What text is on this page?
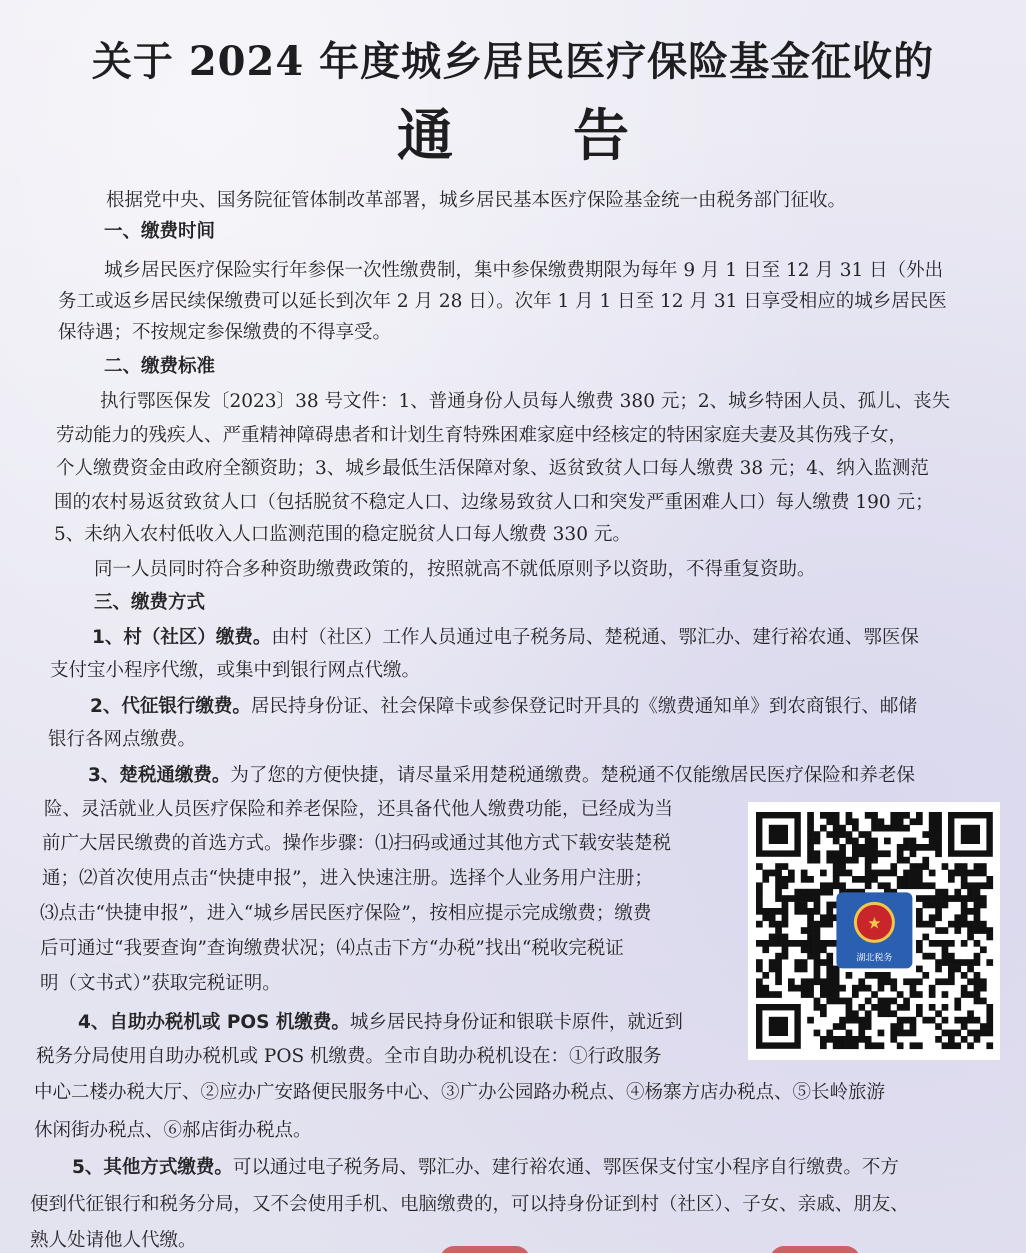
关于 2024 年度城乡居民医疗保险基金征收的
通告
根据党中央、国务院征管体制改革部署，城乡居民基本医疗保险基金统一由税务部门征收。
一、缴费时间
城乡居民医疗保险实行年参保一次性缴费制，集中参保缴费期限为每年 9 月 1 日至 12 月 31 日（外出
务工或返乡居民续保缴费可以延长到次年 2 月 28 日）。次年 1 月 1 日至 12 月 31 日享受相应的城乡居民医
保待遇；不按规定参保缴费的不得享受。
二、缴费标准
执行鄂医保发〔2023〕38 号文件：1、普通身份人员每人缴费 380 元；2、城乡特困人员、孤儿、丧失
劳动能力的残疾人、严重精神障碍患者和计划生育特殊困难家庭中经核定的特困家庭夫妻及其伤残子女，
个人缴费资金由政府全额资助；3、城乡最低生活保障对象、返贫致贫人口每人缴费 38 元；4、纳入监测范
围的农村易返贫致贫人口（包括脱贫不稳定人口、边缘易致贫人口和突发严重困难人口）每人缴费 190 元；
5、未纳入农村低收入人口监测范围的稳定脱贫人口每人缴费 330 元。
同一人员同时符合多种资助缴费政策的，按照就高不就低原则予以资助，不得重复资助。
三、缴费方式
1、村（社区）缴费。由村（社区）工作人员通过电子税务局、楚税通、鄂汇办、建行裕农通、鄂医保
支付宝小程序代缴，或集中到银行网点代缴。
2、代征银行缴费。居民持身份证、社会保障卡或参保登记时开具的《缴费通知单》到农商银行、邮储
银行各网点缴费。
3、楚税通缴费。为了您的方便快捷，请尽量采用楚税通缴费。楚税通不仅能缴居民医疗保险和养老保
险、灵活就业人员医疗保险和养老保险，还具备代他人缴费功能，已经成为当
前广大居民缴费的首选方式。操作步骤：⑴扫码或通过其他方式下载安装楚税
通；⑵首次使用点击“快捷申报”，进入快速注册。选择个人业务用户注册；
⑶点击“快捷申报”，进入“城乡居民医疗保险”，按相应提示完成缴费；缴费
后可通过“我要查询”查询缴费状况；⑷点击下方“办税”找出“税收完税证
明（文书式）”获取完税证明。
4、自助办税机或 POS 机缴费。城乡居民持身份证和银联卡原件，就近到
税务分局使用自助办税机或 POS 机缴费。全市自助办税机设在：①行政服务
中心二楼办税大厅、②应办广安路便民服务中心、③广办公园路办税点、④杨寨方店办税点、⑤长岭旅游
休闲街办税点、⑥郝店街办税点。
5、其他方式缴费。可以通过电子税务局、鄂汇办、建行裕农通、鄂医保支付宝小程序自行缴费。不方
便到代征银行和税务分局，又不会使用手机、电脑缴费的，可以持身份证到村（社区）、子女、亲戚、朋友、
熟人处请他人代缴。
★
湖北税务
